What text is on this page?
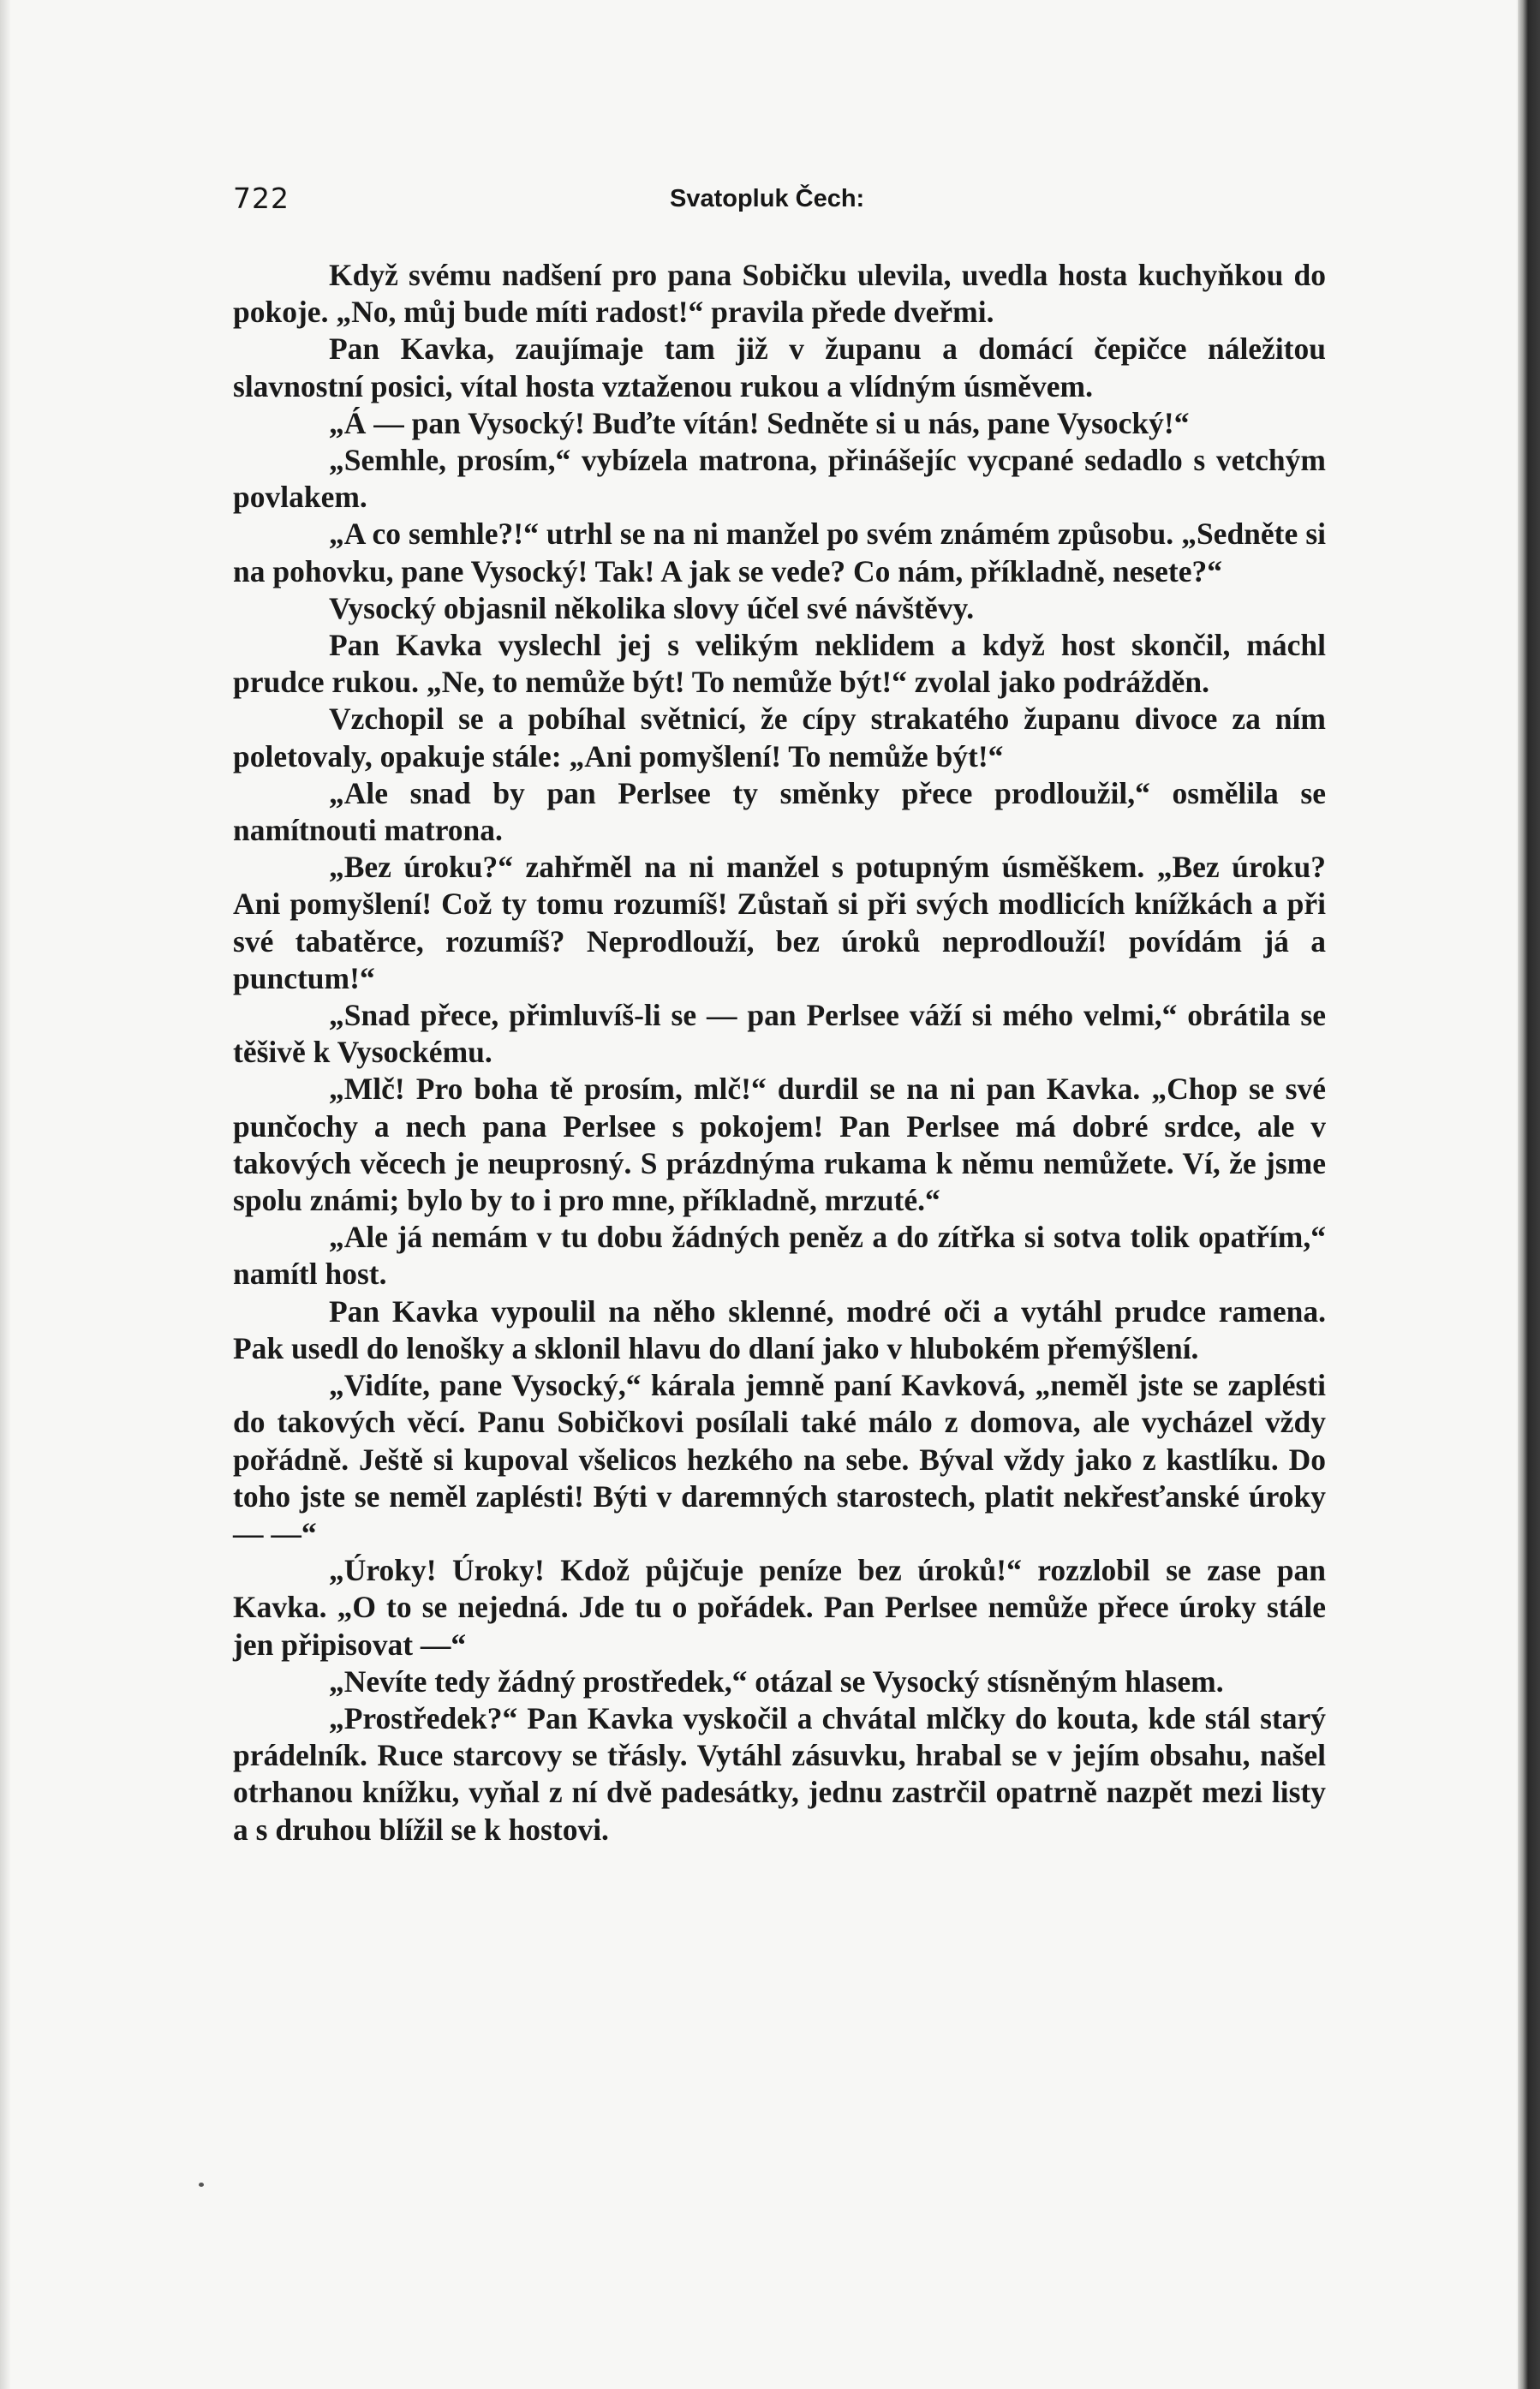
722	Svatopluk Čech:

Když svému nadšení pro pana Sobičku ulevila, uvedla hosta kuchyňkou do pokoje. „No, můj bude míti radost!“ pravila přede dveřmi.

Pan Kavka, zaujímaje tam již v županu a domácí čepičce náležitou slavnostní posici, vítal hosta vztaženou rukou a vlídným úsměvem.

„Á — pan Vysocký! Buďte vítán! Sedněte si u nás, pane Vysocký!“

„Semhle, prosím,“ vybízela matrona, přinášejíc vycpané sedadlo s vetchým povlakem.

„A co semhle?!“ utrhl se na ni manžel po svém známém způsobu. „Sedněte si na pohovku, pane Vysocký! Tak! A jak se vede? Co nám, příkladně, nesete?“

Vysocký objasnil několika slovy účel své návštěvy.

Pan Kavka vyslechl jej s velikým neklidem a když host skončil, máchl prudce rukou. „Ne, to nemůže být! To nemůže být!“ zvolal jako podrážděn.

Vzchopil se a pobíhal světnicí, že cípy strakatého županu divoce za ním poletovaly, opakuje stále: „Ani pomyšlení! To nemůže být!“

„Ale snad by pan Perlsee ty směnky přece prodloužil,“ osmělila se namítnouti matrona.

„Bez úroku?“ zahřměl na ni manžel s potupným úsměškem. „Bez úroku? Ani pomyšlení! Což ty tomu rozumíš! Zůstaň si při svých modlicích knížkách a při své tabatěrce, rozumíš? Neprodlouží, bez úroků neprodlouží! povídám já a punctum!“

„Snad přece, přimluvíš-li se — pan Perlsee váží si mého velmi,“ obrátila se těšivě k Vysockému.

„Mlč! Pro boha tě prosím, mlč!“ durdil se na ni pan Kavka. „Chop se své punčochy a nech pana Perlsee s pokojem! Pan Perlsee má dobré srdce, ale v takových věcech je neuprosný. S prázdnýma rukama k němu nemůžete. Ví, že jsme spolu známi; bylo by to i pro mne, příkladně, mrzuté.“

„Ale já nemám v tu dobu žádných peněz a do zítřka si sotva tolik opatřím,“ namítl host.

Pan Kavka vypoulil na něho sklenné, modré oči a vytáhl prudce ramena. Pak usedl do lenošky a sklonil hlavu do dlaní jako v hlubokém přemýšlení.

„Vidíte, pane Vysocký,“ kárala jemně paní Kavková, „neměl jste se zaplésti do takových věcí. Panu Sobičkovi posílali také málo z domova, ale vycházel vždy pořádně. Ještě si kupoval všelicos hezkého na sebe. Býval vždy jako z kastlíku. Do toho jste se neměl zaplésti! Býti v daremných starostech, platit nekřesťanské úroky — —“

„Úroky! Úroky! Kdož půjčuje peníze bez úroků!“ rozzlobil se zase pan Kavka. „O to se nejedná. Jde tu o pořádek. Pan Perlsee nemůže přece úroky stále jen připisovat —“

„Nevíte tedy žádný prostředek,“ otázal se Vysocký stísněným hlasem.

„Prostředek?“ Pan Kavka vyskočil a chvátal mlčky do kouta, kde stál starý prádelník. Ruce starcovy se třásly. Vytáhl zásuvku, hrabal se v jejím obsahu, našel otrhanou knížku, vyňal z ní dvě padesátky, jednu zastrčil opatrně nazpět mezi listy a s druhou blížil se k hostovi.
